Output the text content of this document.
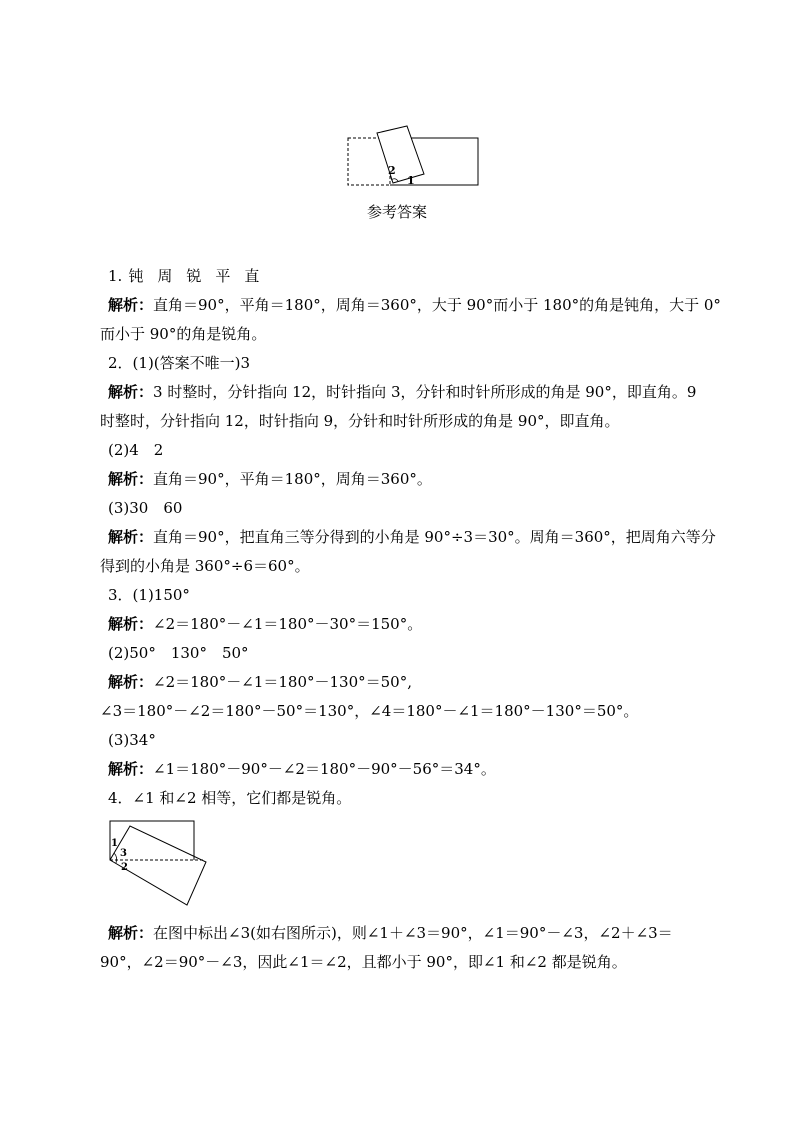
2
1
参考答案
1. 钝 周 锐 平 直
解析：直角＝90°，平角＝180°，周角＝360°，大于 90°而小于 180°的角是钝角，大于 0°
而小于 90°的角是锐角。
2．(1)(答案不唯一)3
解析：3 时整时，分针指向 12，时针指向 3，分针和时针所形成的角是 90°，即直角。9
时整时，分针指向 12，时针指向 9，分针和时针所形成的角是 90°，即直角。
(2)4　2
解析：直角＝90°，平角＝180°，周角＝360°。
(3)30　60
解析：直角＝90°，把直角三等分得到的小角是 90°÷3＝30°。周角＝360°，把周角六等分
得到的小角是 360°÷6＝60°。
3．(1)150°
解析：∠2＝180°－∠1＝180°－30°＝150°。
(2)50°　130°　50°
解析：∠2＝180°－∠1＝180°－130°＝50°,
∠3＝180°－∠2＝180°－50°＝130°，∠4＝180°－∠1＝180°－130°＝50°。
(3)34°
解析：∠1＝180°－90°－∠2＝180°－90°－56°＝34°。
4．∠1 和∠2 相等，它们都是锐角。
1
3
2
解析：在图中标出∠3(如右图所示)，则∠1＋∠3＝90°，∠1＝90°－∠3，∠2＋∠3＝
90°，∠2＝90°－∠3，因此∠1＝∠2，且都小于 90°，即∠1 和∠2 都是锐角。
